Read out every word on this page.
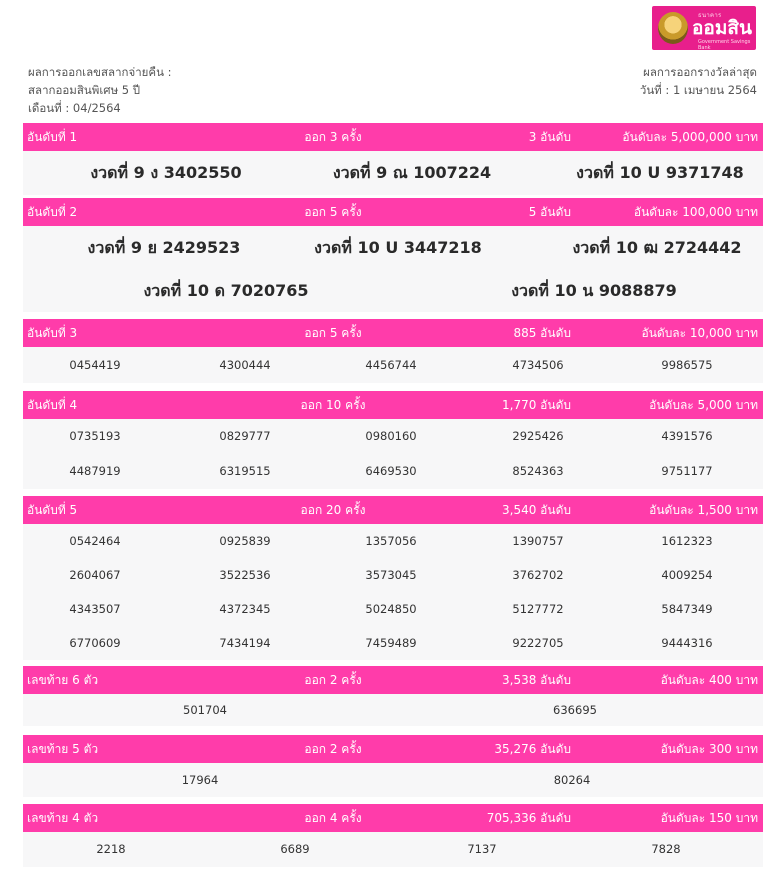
ธนาคาร
ออมสิน
Government Savings Bank
ผลการออกเลขสลากจ่ายคืน :
สลากออมสินพิเศษ 5 ปี
เดือนที่ : 04/2564
ผลการออกรางวัลล่าสุด
วันที่ : 1 เมษายน 2564
อันดับที่ 1	ออก 3 ครั้ง	3 อันดับ	อันดับละ 5,000,000 บาท
งวดที่ 9 ง 3402550	งวดที่ 9 ณ 1007224	งวดที่ 10 U 9371748
อันดับที่ 2	ออก 5 ครั้ง	5 อันดับ	อันดับละ 100,000 บาท
งวดที่ 9 ย 2429523	งวดที่ 10 U 3447218	งวดที่ 10 ฒ 2724442
งวดที่ 10 ด 7020765	งวดที่ 10 น 9088879
อันดับที่ 3	ออก 5 ครั้ง	885 อันดับ	อันดับละ 10,000 บาท
0454419	4300444	4456744	4734506	9986575
อันดับที่ 4	ออก 10 ครั้ง	1,770 อันดับ	อันดับละ 5,000 บาท
0735193	0829777	0980160	2925426	4391576
4487919	6319515	6469530	8524363	9751177
อันดับที่ 5	ออก 20 ครั้ง	3,540 อันดับ	อันดับละ 1,500 บาท
0542464	0925839	1357056	1390757	1612323
2604067	3522536	3573045	3762702	4009254
4343507	4372345	5024850	5127772	5847349
6770609	7434194	7459489	9222705	9444316
เลขท้าย 6 ตัว	ออก 2 ครั้ง	3,538 อันดับ	อันดับละ 400 บาท
501704	636695
เลขท้าย 5 ตัว	ออก 2 ครั้ง	35,276 อันดับ	อันดับละ 300 บาท
17964	80264
เลขท้าย 4 ตัว	ออก 4 ครั้ง	705,336 อันดับ	อันดับละ 150 บาท
2218	6689	7137	7828
